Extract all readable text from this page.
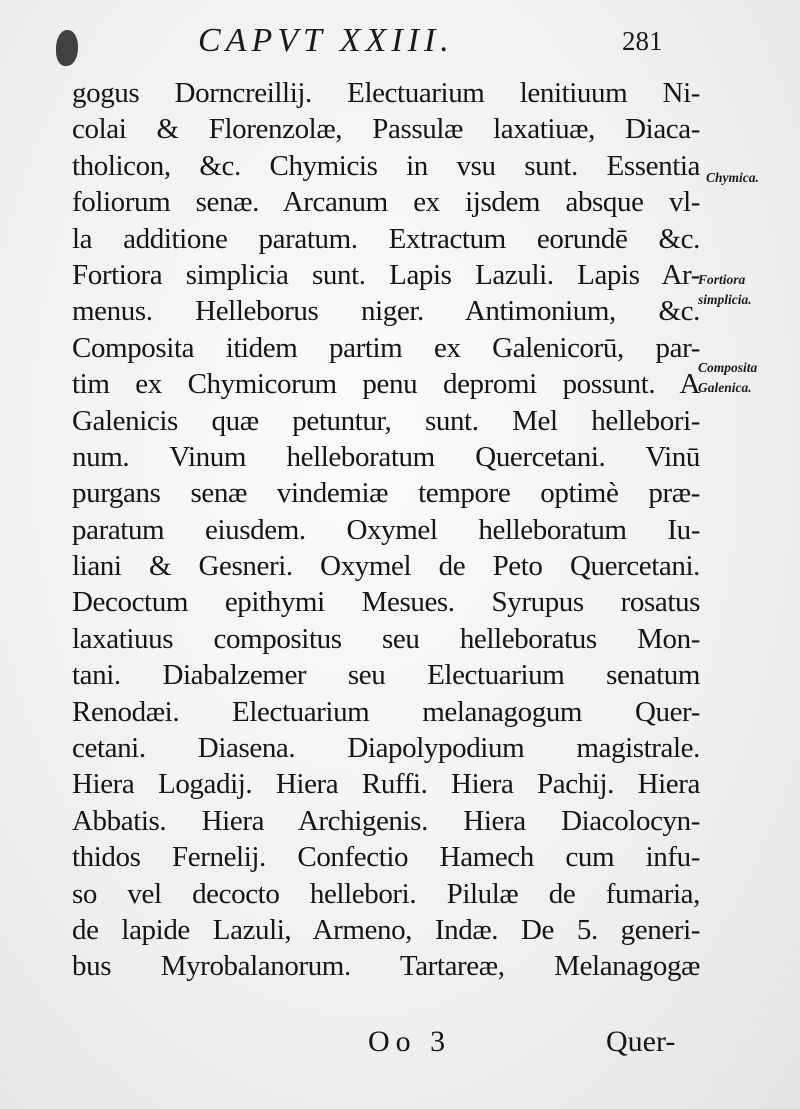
CAPVT XXIII.	281
gogus Dorncreillij. Electuarium lenitiuum Ni-
colai & Florenzolæ, Passulæ laxatiuæ, Diaca-
tholicon, &c. Chymicis in vsu sunt. Essentia
foliorum senæ. Arcanum ex ijsdem absque vl-
la additione paratum. Extractum eorundē &c.
Fortiora simplicia sunt. Lapis Lazuli. Lapis Ar-
menus. Helleborus niger. Antimonium, &c.
Composita itidem partim ex Galenicorū, par-
tim ex Chymicorum penu depromi possunt. A
Galenicis quæ petuntur, sunt. Mel hellebori-
num. Vinum helleboratum Quercetani. Vinū
purgans senæ vindemiæ tempore optimè præ-
paratum eiusdem. Oxymel helleboratum Iu-
liani & Gesneri. Oxymel de Peto Quercetani.
Decoctum epithymi Mesues. Syrupus rosatus
laxatiuus compositus seu helleboratus Mon-
tani. Diabalzemer seu Electuarium senatum
Renodæi. Electuarium melanagogum Quer-
cetani. Diasena. Diapolypodium magistrale.
Hiera Logadij. Hiera Ruffi. Hiera Pachij. Hiera
Abbatis. Hiera Archigenis. Hiera Diacolocyn-
thidos Fernelij. Confectio Hamech cum infu-
so vel decocto hellebori. Pilulæ de fumaria,
de lapide Lazuli, Armeno, Indæ. De 5. generi-
bus Myrobalanorum. Tartareæ, Melanagogæ
Chymica.
Fortiora
simplicia.
Composita
Galenica.
Oo 3	Quer-
